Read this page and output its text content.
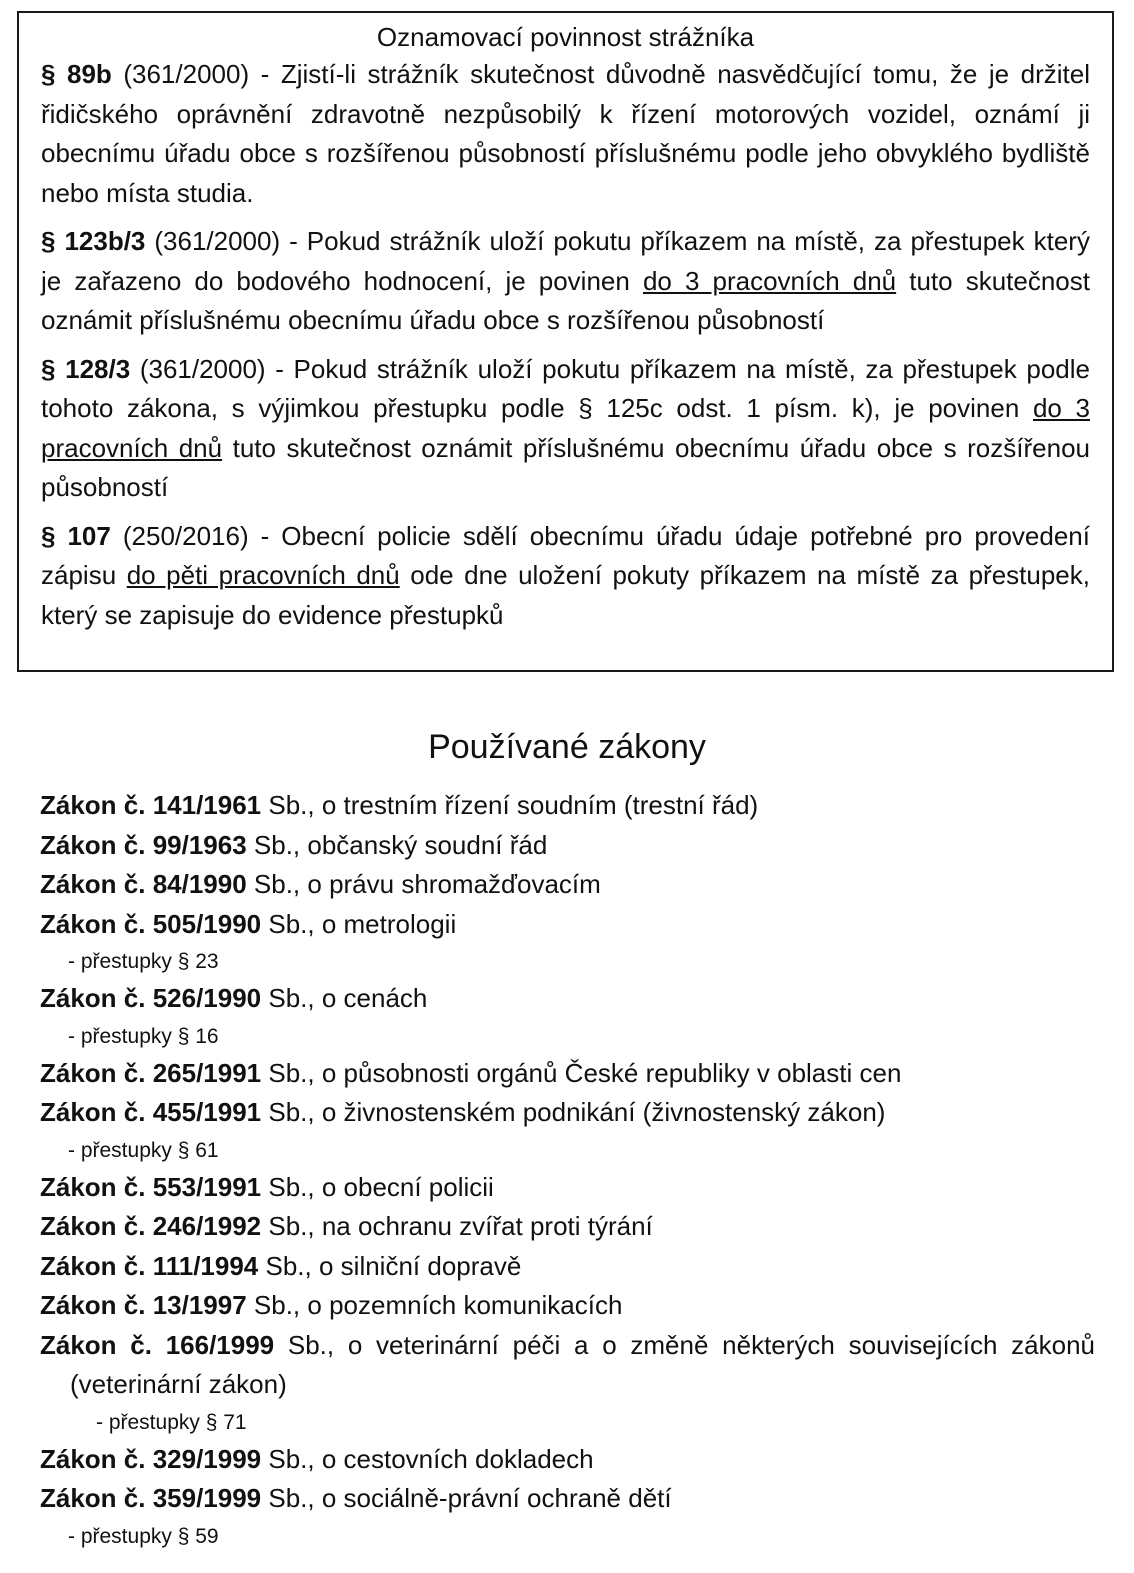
Oznamovací povinnost strážníka

§ 89b (361/2000) - Zjistí-li strážník skutečnost důvodně nasvědčující tomu, že je držitel řidičského oprávnění zdravotně nezpůsobilý k řízení motorových vozidel, oznámí ji obecnímu úřadu obce s rozšířenou působností příslušnému podle jeho obvyklého bydliště nebo místa studia.

§ 123b/3 (361/2000) - Pokud strážník uloží pokutu příkazem na místě, za přestupek který je zařazeno do bodového hodnocení, je povinen do 3 pracovních dnů tuto skutečnost oznámit příslušnému obecnímu úřadu obce s rozšířenou působností

§ 128/3 (361/2000) - Pokud strážník uloží pokutu příkazem na místě, za přestupek podle tohoto zákona, s výjimkou přestupku podle § 125c odst. 1 písm. k), je povinen do 3 pracovních dnů tuto skutečnost oznámit příslušnému obecnímu úřadu obce s rozšířenou působností

§ 107 (250/2016) - Obecní policie sdělí obecnímu úřadu údaje potřebné pro provedení zápisu do pěti pracovních dnů ode dne uložení pokuty příkazem na místě za přestupek, který se zapisuje do evidence přestupků

Používané zákony

Zákon č. 141/1961 Sb., o trestním řízení soudním (trestní řád)

Zákon č. 99/1963 Sb., občanský soudní řád

Zákon č. 84/1990 Sb., o právu shromažďovacím

Zákon č. 505/1990 Sb., o metrologii

- přestupky § 23

Zákon č. 526/1990 Sb., o cenách

- přestupky § 16

Zákon č. 265/1991 Sb., o působnosti orgánů České republiky v oblasti cen

Zákon č. 455/1991 Sb., o živnostenském podnikání (živnostenský zákon)

- přestupky § 61

Zákon č. 553/1991 Sb., o obecní policii

Zákon č. 246/1992 Sb., na ochranu zvířat proti týrání

Zákon č. 111/1994 Sb., o silniční dopravě

Zákon č. 13/1997 Sb., o pozemních komunikacích

Zákon č. 166/1999 Sb., o veterinární péči a o změně některých souvisejících zákonů (veterinární zákon)

- přestupky § 71

Zákon č. 329/1999 Sb., o cestovních dokladech

Zákon č. 359/1999 Sb., o sociálně-právní ochraně dětí

- přestupky § 59
